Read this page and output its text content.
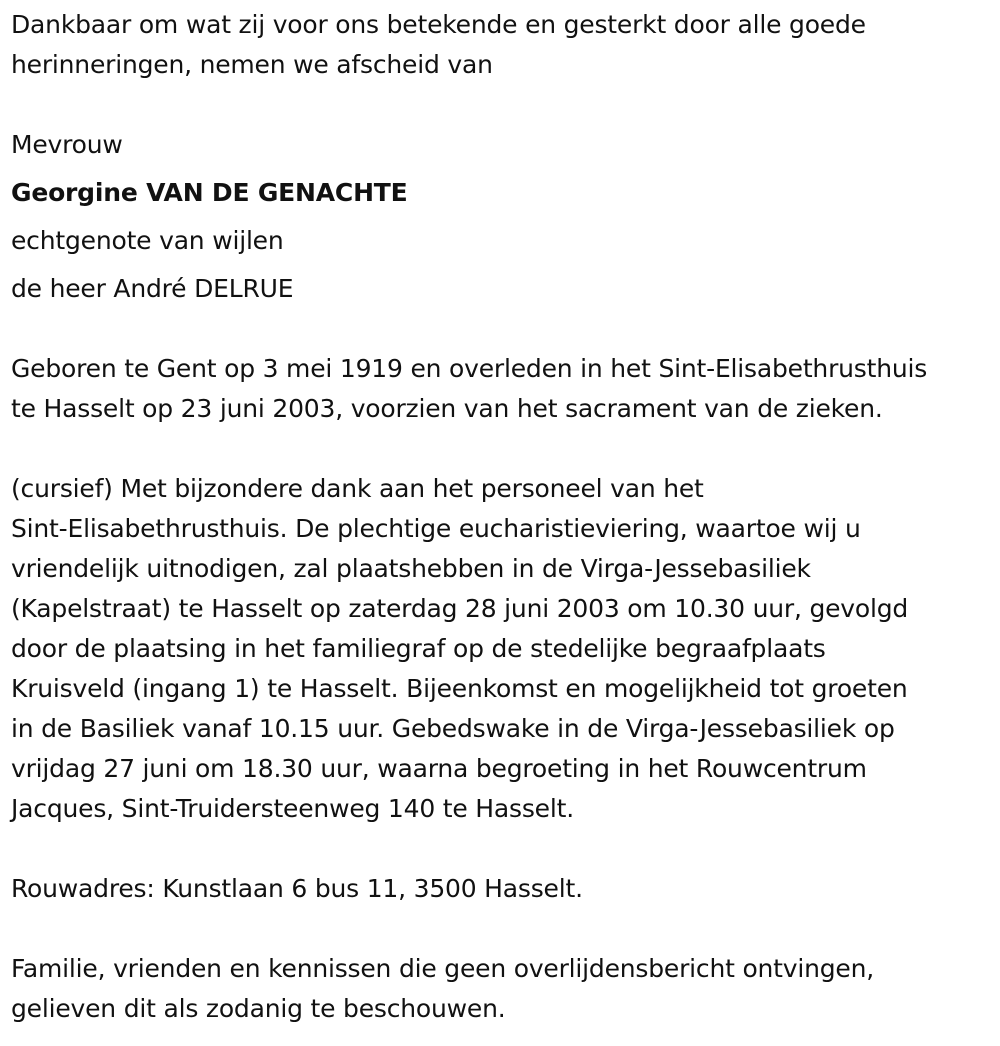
Dankbaar om wat zij voor ons betekende en gesterkt door alle goede
herinneringen, nemen we afscheid van
Mevrouw
Georgine VAN DE GENACHTE
echtgenote van wijlen
de heer André DELRUE
Geboren te Gent op 3 mei 1919 en overleden in het Sint-Elisabethrusthuis
te Hasselt op 23 juni 2003, voorzien van het sacrament van de zieken.
(cursief) Met bijzondere dank aan het personeel van het
Sint-Elisabethrusthuis. De plechtige eucharistieviering, waartoe wij u
vriendelijk uitnodigen, zal plaatshebben in de Virga-Jessebasiliek
(Kapelstraat) te Hasselt op zaterdag 28 juni 2003 om 10.30 uur, gevolgd
door de plaatsing in het familiegraf op de stedelijke begraafplaats
Kruisveld (ingang 1) te Hasselt. Bijeenkomst en mogelijkheid tot groeten
in de Basiliek vanaf 10.15 uur. Gebedswake in de Virga-Jessebasiliek op
vrijdag 27 juni om 18.30 uur, waarna begroeting in het Rouwcentrum
Jacques, Sint-Truidersteenweg 140 te Hasselt.
Rouwadres: Kunstlaan 6 bus 11, 3500 Hasselt.
Familie, vrienden en kennissen die geen overlijdensbericht ontvingen,
gelieven dit als zodanig te beschouwen.
